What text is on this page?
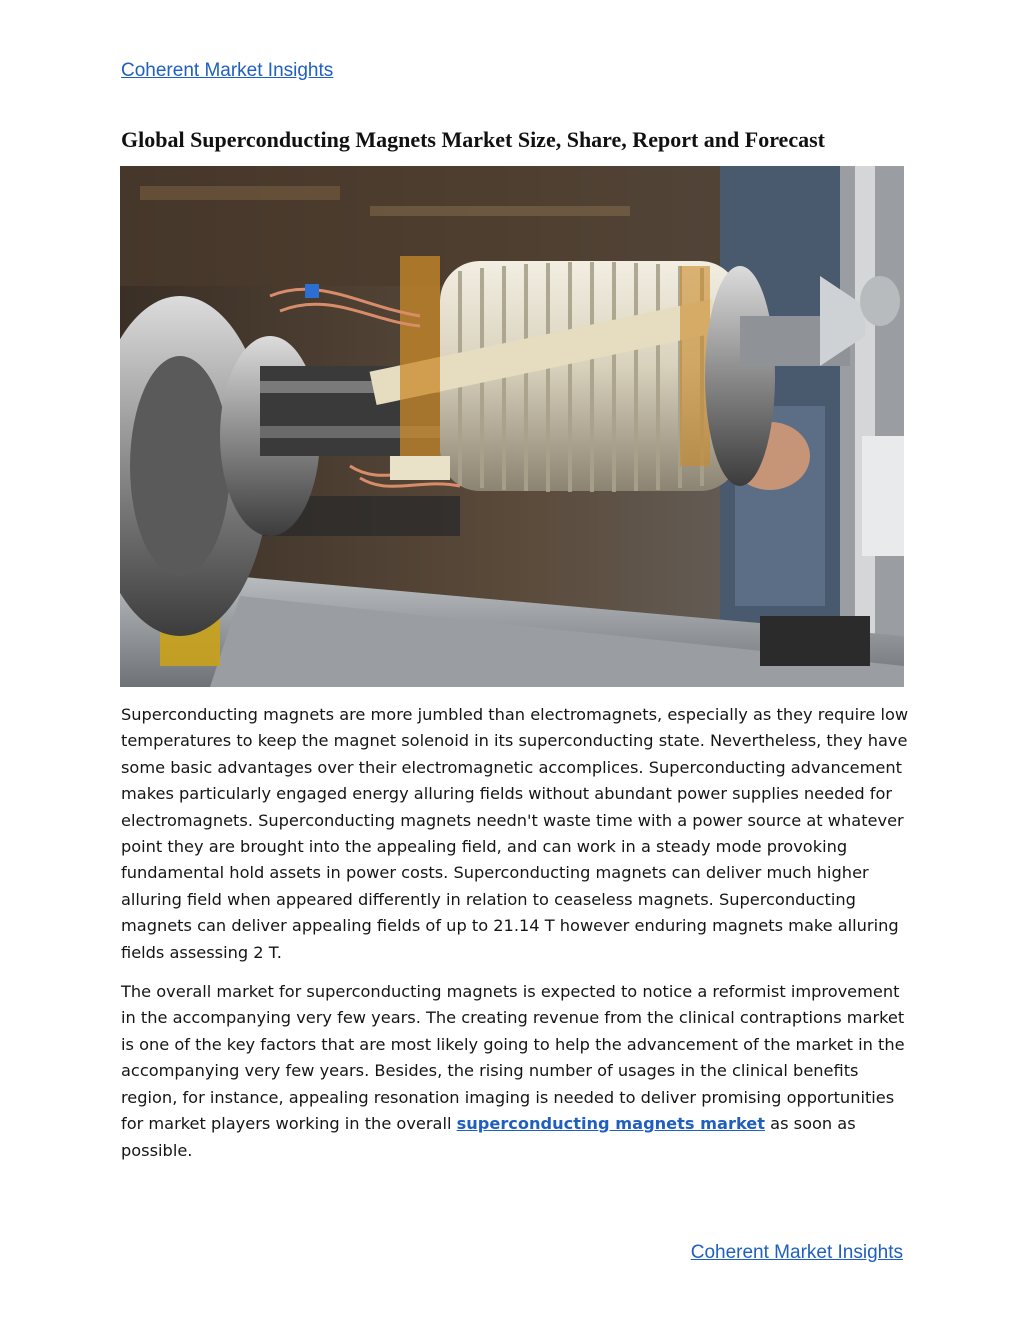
Coherent Market Insights
Global Superconducting Magnets Market Size, Share, Report and Forecast

Superconducting magnets are more jumbled than electromagnets, especially as they require low temperatures to keep the magnet solenoid in its superconducting state. Nevertheless, they have some basic advantages over their electromagnetic accomplices. Superconducting advancement makes particularly engaged energy alluring fields without abundant power supplies needed for electromagnets. Superconducting magnets needn't waste time with a power source at whatever point they are brought into the appealing field, and can work in a steady mode provoking fundamental hold assets in power costs. Superconducting magnets can deliver much higher alluring field when appeared differently in relation to ceaseless magnets. Superconducting magnets can deliver appealing fields of up to 21.14 T however enduring magnets make alluring fields assessing 2 T.

The overall market for superconducting magnets is expected to notice a reformist improvement in the accompanying very few years. The creating revenue from the clinical contraptions market is one of the key factors that are most likely going to help the advancement of the market in the accompanying very few years. Besides, the rising number of usages in the clinical benefits region, for instance, appealing resonation imaging is needed to deliver promising opportunities for market players working in the overall superconducting magnets market as soon as possible.

Coherent Market Insights
